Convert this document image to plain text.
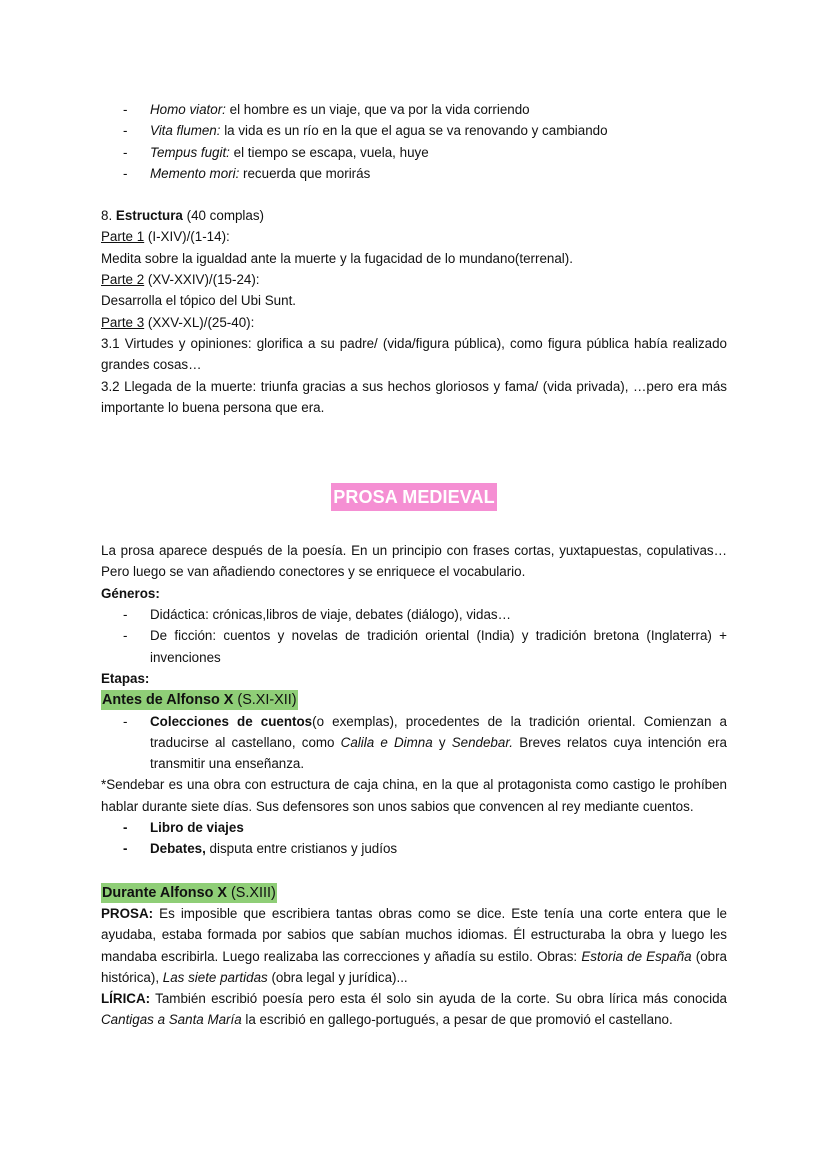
- Homo viator: el hombre es un viaje, que va por la vida corriendo
- Vita flumen: la vida es un río en la que el agua se va renovando y cambiando
- Tempus fugit: el tiempo se escapa, vuela, huye
- Memento mori: recuerda que morirás

8. Estructura (40 complas)

Parte 1 (I-XIV)/(1-14):

Medita sobre la igualdad ante la muerte y la fugacidad de lo mundano(terrenal).

Parte 2 (XV-XXIV)/(15-24):

Desarrolla el tópico del Ubi Sunt.

Parte 3 (XXV-XL)/(25-40):

3.1 Virtudes y opiniones: glorifica a su padre/ (vida/figura pública), como figura pública había realizado grandes cosas…

3.2 Llegada de la muerte: triunfa gracias a sus hechos gloriosos y fama/ (vida privada), …pero era más importante lo buena persona que era.

PROSA MEDIEVAL

La prosa aparece después de la poesía. En un principio con frases cortas, yuxtapuestas, copulativas…Pero luego se van añadiendo conectores y se enriquece el vocabulario.

Géneros:

- Didáctica: crónicas,libros de viaje, debates (diálogo), vidas…
- De ficción: cuentos y novelas de tradición oriental (India) y tradición bretona (Inglaterra) + invenciones

Etapas:

Antes de Alfonso X (S.XI-XII)
- Colecciones de cuentos(o exemplas), procedentes de la tradición oriental. Comienzan a traducirse al castellano, como Calila e Dimna y Sendebar. Breves relatos cuya intención era transmitir una enseñanza.

*Sendebar es una obra con estructura de caja china, en la que al protagonista como castigo le prohíben hablar durante siete días. Sus defensores son unos sabios que convencen al rey mediante cuentos.

- Libro de viajes
- Debates, disputa entre cristianos y judíos
Durante Alfonso X (S.XIII)

PROSA: Es imposible que escribiera tantas obras como se dice. Este tenía una corte entera que le ayudaba, estaba formada por sabios que sabían muchos idiomas. Él estructuraba la obra y luego les mandaba escribirla. Luego realizaba las correcciones y añadía su estilo. Obras: Estoria de España (obra histórica), Las siete partidas (obra legal y jurídica)...

LÍRICA: También escribió poesía pero esta él solo sin ayuda de la corte. Su obra lírica más conocida Cantigas a Santa María la escribió en gallego-portugués, a pesar de que promovió el castellano.
